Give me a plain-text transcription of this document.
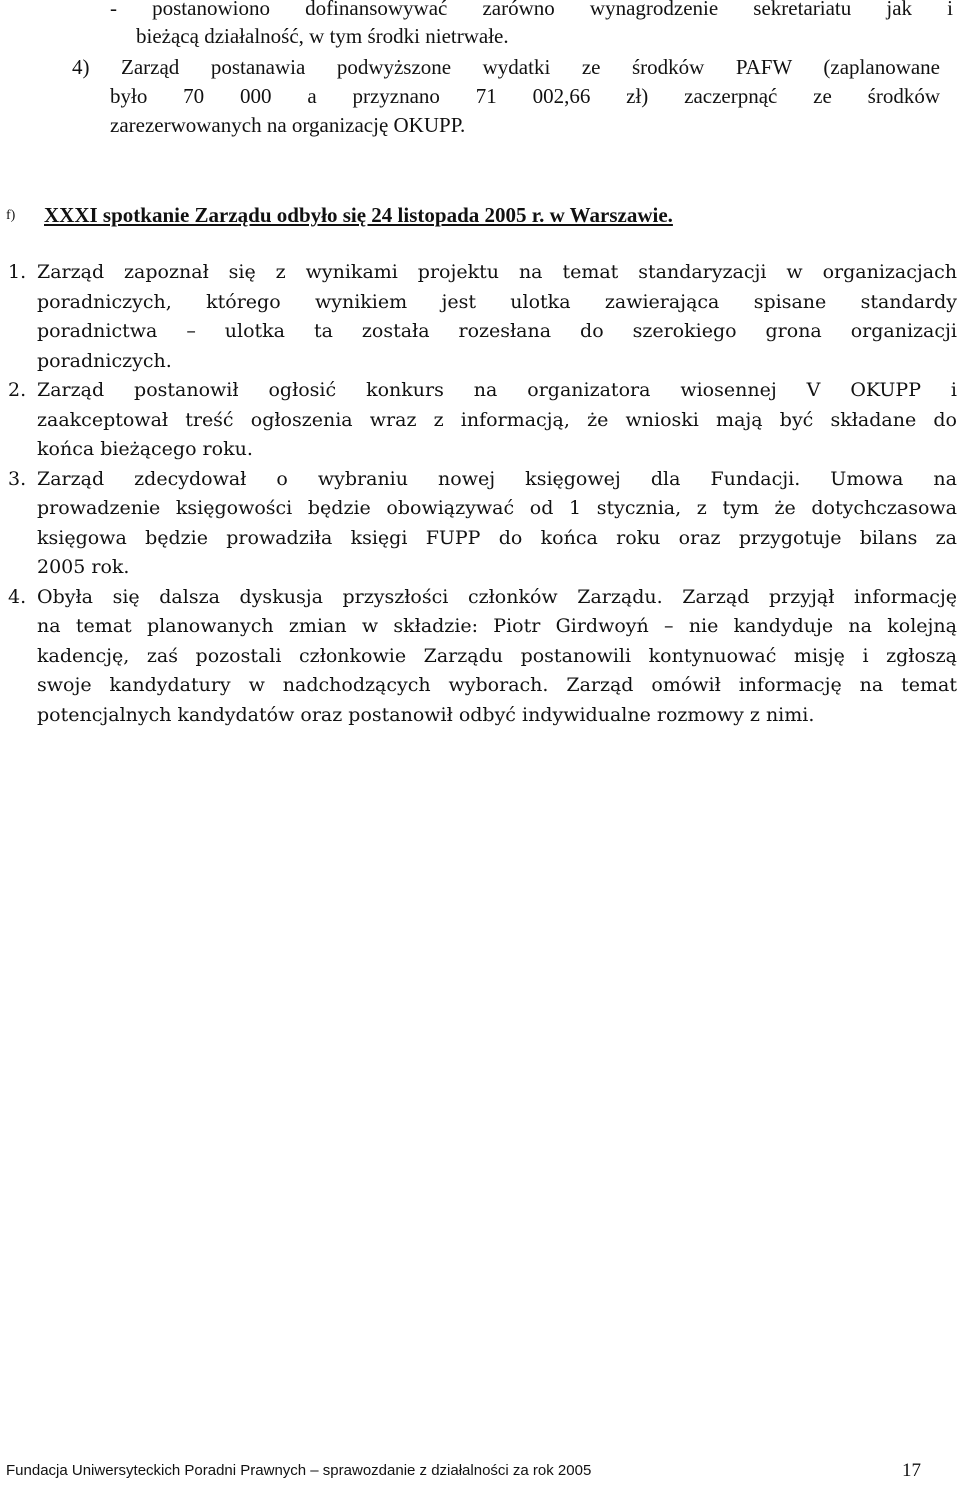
- postanowiono dofinansowywać zarówno wynagrodzenie sekretariatu jak i
bieżącą działalność, w tym środki nietrwałe.
4) Zarząd postanawia podwyższone wydatki ze środków PAFW (zaplanowane
było 70 000 a przyznano 71 002,66 zł) zaczerpnąć ze środków
zarezerwowanych na organizację OKUPP.
f) XXXI spotkanie Zarządu odbyło się 24 listopada 2005 r. w Warszawie.
1. Zarząd zapoznał się z wynikami projektu na temat standaryzacji w organizacjach
poradniczych, którego wynikiem jest ulotka zawierająca spisane standardy
poradnictwa – ulotka ta została rozesłana do szerokiego grona organizacji
poradniczych.
2. Zarząd postanowił ogłosić konkurs na organizatora wiosennej V OKUPP i
zaakceptował treść ogłoszenia wraz z informacją, że wnioski mają być składane do
końca bieżącego roku.
3. Zarząd zdecydował o wybraniu nowej księgowej dla Fundacji. Umowa na
prowadzenie księgowości będzie obowiązywać od 1 stycznia, z tym że dotychczasowa
księgowa będzie prowadziła księgi FUPP do końca roku oraz przygotuje bilans za
2005 rok.
4. Obyła się dalsza dyskusja przyszłości członków Zarządu. Zarząd przyjął informację
na temat planowanych zmian w składzie: Piotr Girdwoyń – nie kandyduje na kolejną
kadencję, zaś pozostali członkowie Zarządu postanowili kontynuować misję i zgłoszą
swoje kandydatury w nadchodzących wyborach. Zarząd omówił informację na temat
potencjalnych kandydatów oraz postanowił odbyć indywidualne rozmowy z nimi.
Fundacja Uniwersyteckich Poradni Prawnych – sprawozdanie z działalności za rok 2005	17
